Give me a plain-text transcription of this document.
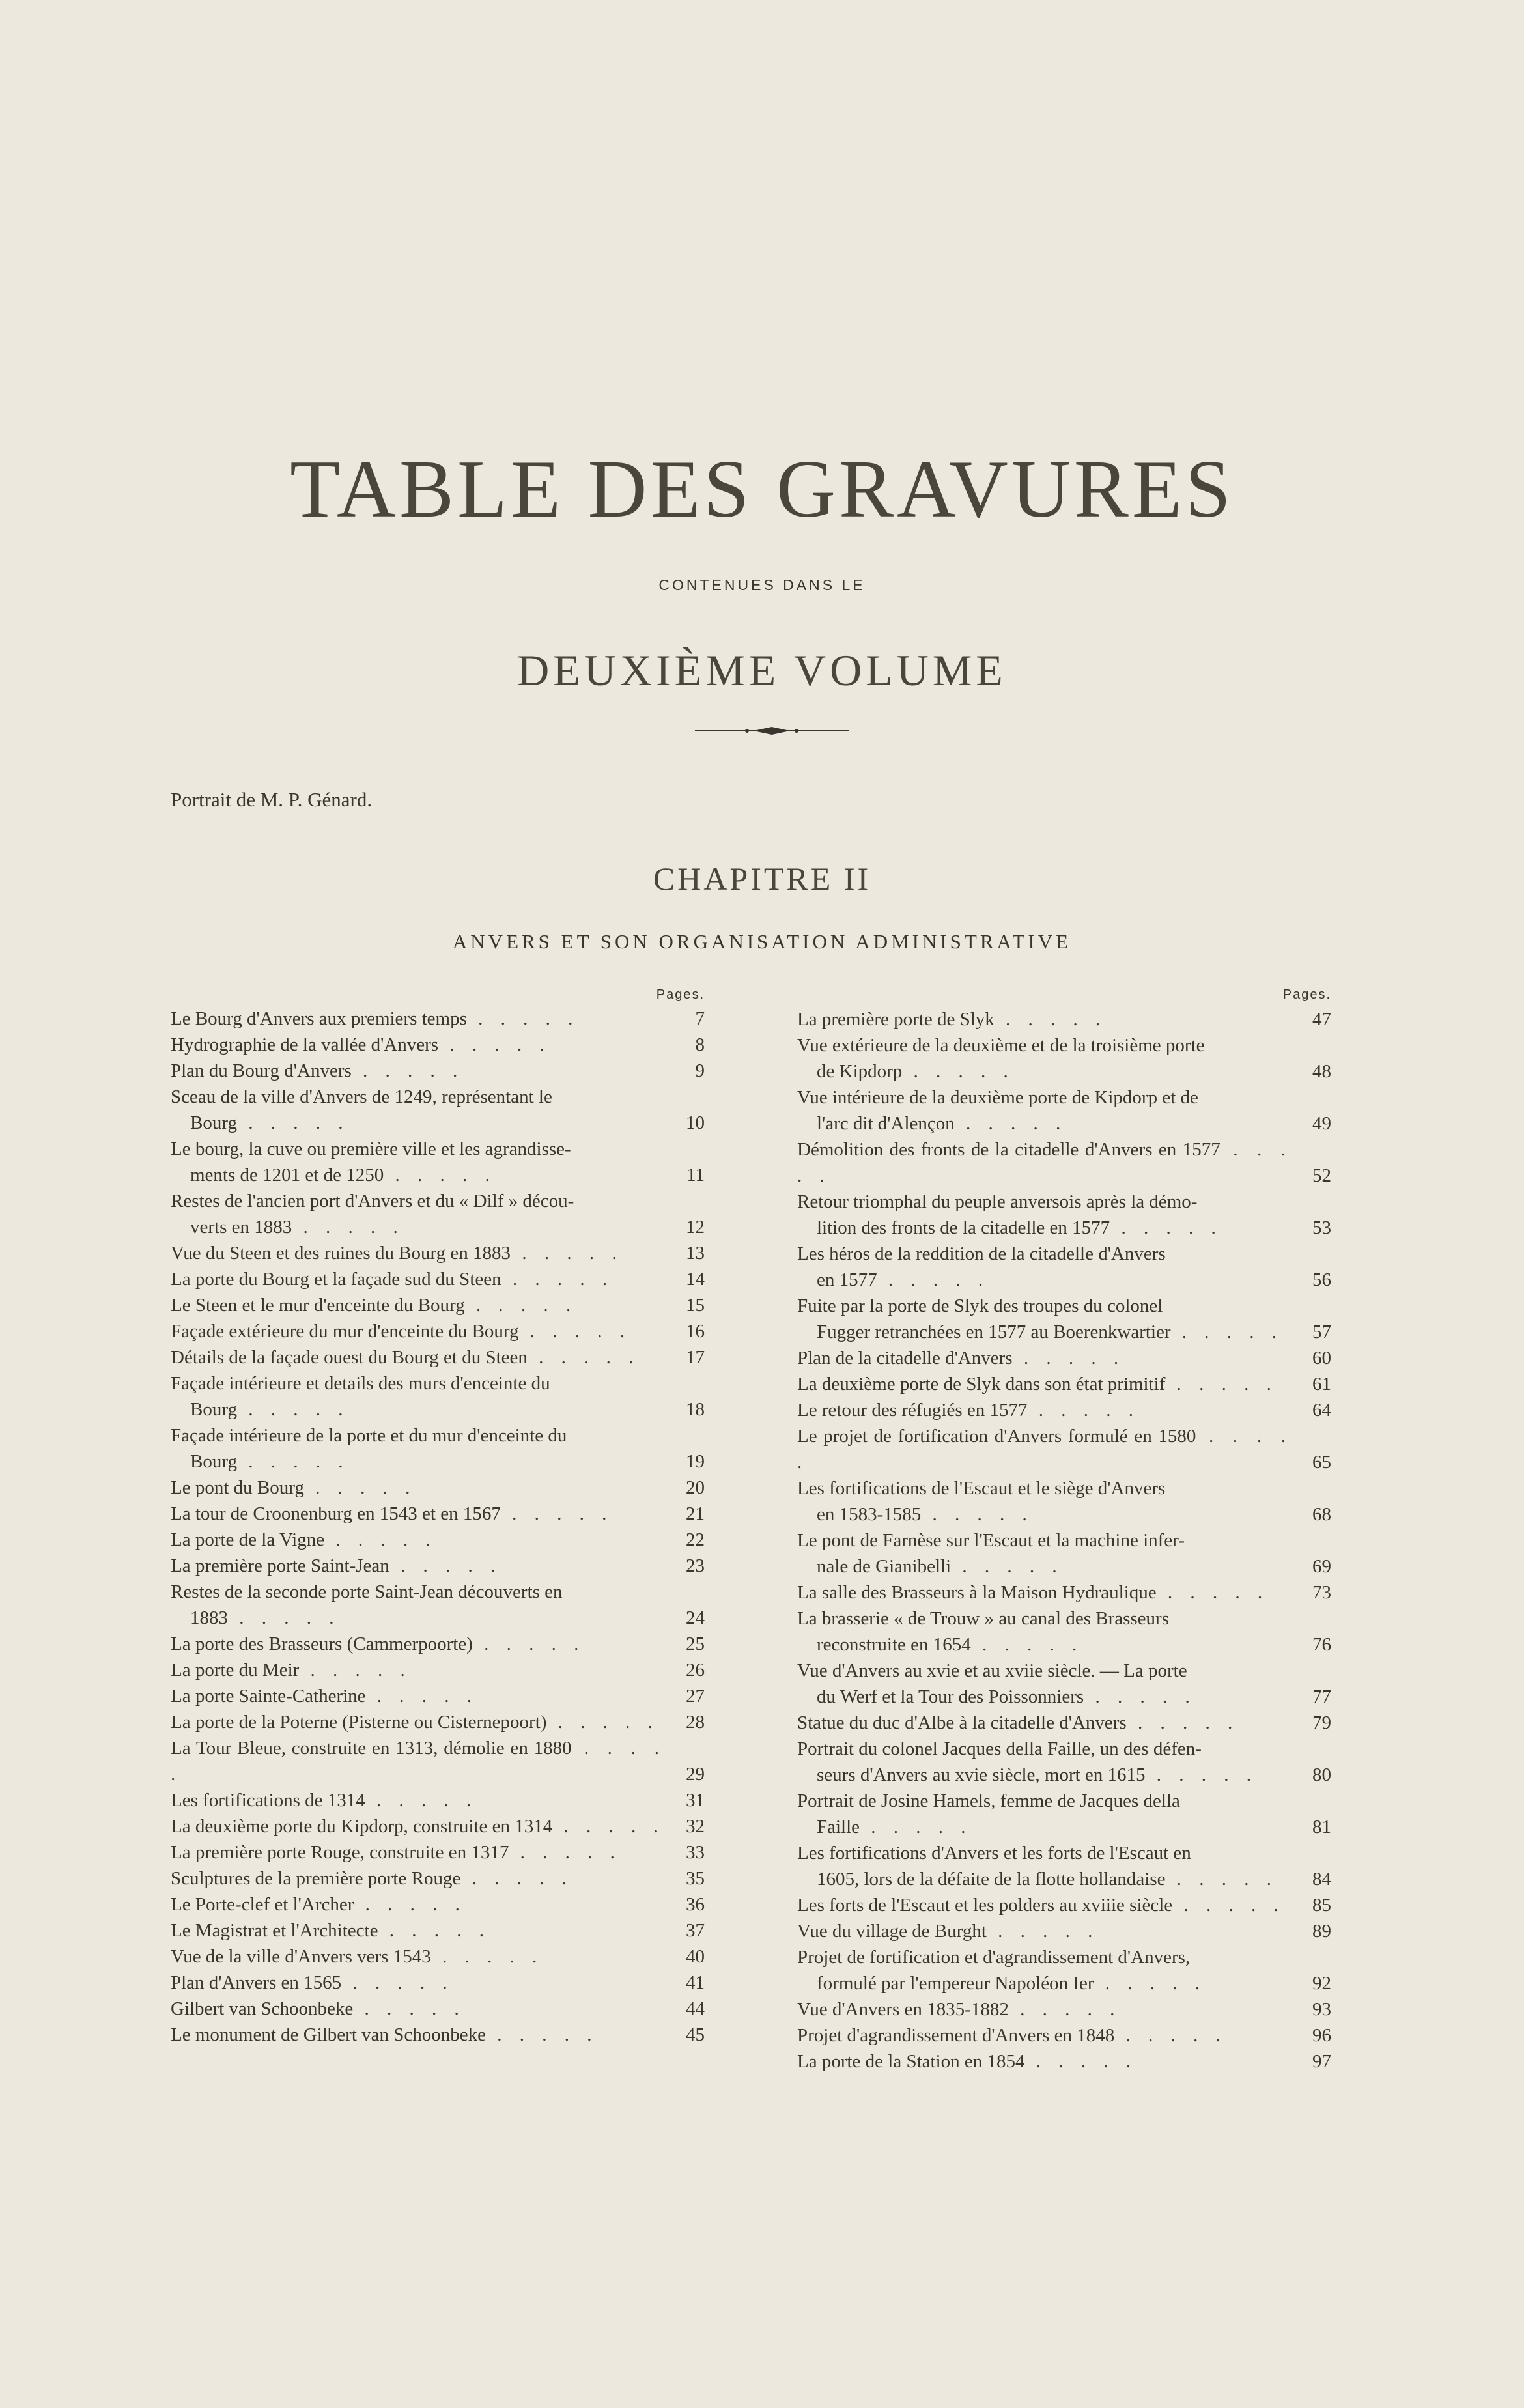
TABLE DES GRAVURES
CONTENUES DANS LE
DEUXIÈME VOLUME
Portrait de M. P. Génard.
CHAPITRE II
ANVERS ET SON ORGANISATION ADMINISTRATIVE
Pages.
Le Bourg d'Anvers aux premiers temps . . . . .	7
Hydrographie de la vallée d'Anvers . . . . .	8
Plan du Bourg d'Anvers . . . . .	9
Sceau de la ville d'Anvers de 1249, représentant le
Bourg . . . . .	10
Le bourg, la cuve ou première ville et les agrandisse-
ments de 1201 et de 1250 . . . . .	11
Restes de l'ancien port d'Anvers et du « Dilf » décou-
verts en 1883 . . . . .	12
Vue du Steen et des ruines du Bourg en 1883 . . . . .	13
La porte du Bourg et la façade sud du Steen . . . . .	14
Le Steen et le mur d'enceinte du Bourg . . . . .	15
Façade extérieure du mur d'enceinte du Bourg . . . . .	16
Détails de la façade ouest du Bourg et du Steen . . . . .	17
Façade intérieure et details des murs d'enceinte du
Bourg . . . . .	18
Façade intérieure de la porte et du mur d'enceinte du
Bourg . . . . .	19
Le pont du Bourg . . . . .	20
La tour de Croonenburg en 1543 et en 1567 . . . . .	21
La porte de la Vigne . . . . .	22
La première porte Saint-Jean . . . . .	23
Restes de la seconde porte Saint-Jean découverts en
1883 . . . . .	24
La porte des Brasseurs (Cammerpoorte) . . . . .	25
La porte du Meir . . . . .	26
La porte Sainte-Catherine . . . . .	27
La porte de la Poterne (Pisterne ou Cisternepoort) . . . . .	28
La Tour Bleue, construite en 1313, démolie en 1880 . . . . .	29
Les fortifications de 1314 . . . . .	31
La deuxième porte du Kipdorp, construite en 1314 . . . . .	32
La première porte Rouge, construite en 1317 . . . . .	33
Sculptures de la première porte Rouge . . . . .	35
Le Porte-clef et l'Archer . . . . .	36
Le Magistrat et l'Architecte . . . . .	37
Vue de la ville d'Anvers vers 1543 . . . . .	40
Plan d'Anvers en 1565 . . . . .	41
Gilbert van Schoonbeke . . . . .	44
Le monument de Gilbert van Schoonbeke . . . . .	45
Pages.
La première porte de Slyk . . . . .	47
Vue extérieure de la deuxième et de la troisième porte
de Kipdorp . . . . .	48
Vue intérieure de la deuxième porte de Kipdorp et de
l'arc dit d'Alençon . . . . .	49
Démolition des fronts de la citadelle d'Anvers en 1577 . . . . .	52
Retour triomphal du peuple anversois après la démo-
lition des fronts de la citadelle en 1577 . . . . .	53
Les héros de la reddition de la citadelle d'Anvers
en 1577 . . . . .	56
Fuite par la porte de Slyk des troupes du colonel
Fugger retranchées en 1577 au Boerenkwartier . . . . .	57
Plan de la citadelle d'Anvers . . . . .	60
La deuxième porte de Slyk dans son état primitif . . . . .	61
Le retour des réfugiés en 1577 . . . . .	64
Le projet de fortification d'Anvers formulé en 1580 . . . . .	65
Les fortifications de l'Escaut et le siège d'Anvers
en 1583-1585 . . . . .	68
Le pont de Farnèse sur l'Escaut et la machine infer-
nale de Gianibelli . . . . .	69
La salle des Brasseurs à la Maison Hydraulique . . . . .	73
La brasserie « de Trouw » au canal des Brasseurs
reconstruite en 1654 . . . . .	76
Vue d'Anvers au xvie et au xviie siècle. — La porte
du Werf et la Tour des Poissonniers . . . . .	77
Statue du duc d'Albe à la citadelle d'Anvers . . . . .	79
Portrait du colonel Jacques della Faille, un des défen-
seurs d'Anvers au xvie siècle, mort en 1615 . . . . .	80
Portrait de Josine Hamels, femme de Jacques della
Faille . . . . .	81
Les fortifications d'Anvers et les forts de l'Escaut en
1605, lors de la défaite de la flotte hollandaise . . . . .	84
Les forts de l'Escaut et les polders au xviiie siècle . . . . .	85
Vue du village de Burght . . . . .	89
Projet de fortification et d'agrandissement d'Anvers,
formulé par l'empereur Napoléon Ier . . . . .	92
Vue d'Anvers en 1835-1882 . . . . .	93
Projet d'agrandissement d'Anvers en 1848 . . . . .	96
La porte de la Station en 1854 . . . . .	97
